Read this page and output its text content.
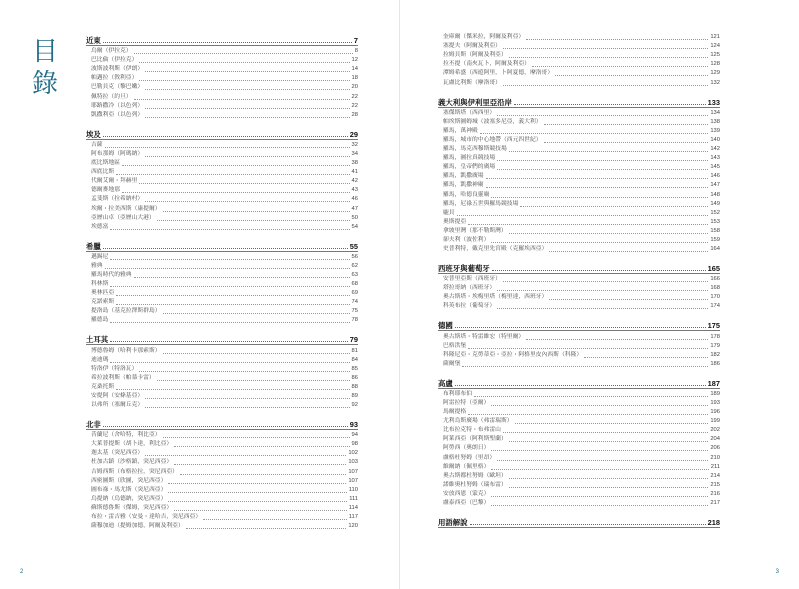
目
錄
近東	7
烏爾（伊拉克）	8
巴比倫（伊拉克）	12
波斯波利斯（伊朗）	14
帕邁拉（敘利亞）	18
巴勒貝克（黎巴嫩）	20
佩特拉（約旦）	22
耶路撒冷（以色列）	22
凱撒利亞（以色列）	28
埃及	29
吉薩	32
阿布那姆（阿瑪納）	34
底比斯地區	38
西底比斯	41
代爾艾爾・拜赫里	42
德爾麥地那	43
孟斐斯（拉希納村）	46
埃爾・拉美西斯（康提爾）	47
亞歷山卓（亞歷山大港）	50
埃德富	54
希臘	55
邁錫尼	56
雅典	62
羅馬時代的雅典	63
科林斯	68
奧林匹亞	69
克諾索斯	74
提洛島（基克拉澤斯群島）	75
羅德島	78
土耳其	79
博德魯姆（哈利卡那索斯）	81
迪迪瑪	84
特洛伊（特洛瓦）	85
希拉波利斯（帕慕卡雷）	86
克桑托斯	88
安提阿（安條基亞）	89
以弗所（塞爾丘克）	92
北非	93
昔蘭尼（舍哈特，利比亞）	94
大萊普提斯（胡卜達，利比亞）	98
迦太基（突尼西亞）	102
杜加古鎮（沙格鎮，突尼西亞）	103
吉姆西斯（布格拉拉，突尼西亞）	107
西密圖斯（欣圖，突尼西亞）	107
圖布祿・馬尤斯（突尼西亞）	110
烏提納（烏德納，突尼西亞）	111
蘇斯德魯斯（傑姆，突尼西亞）	114
布拉・雷吉雅（安曼・達哈吉，突尼西亞）	117
薩穆加迪（提姆加德，阿爾及利亞）	120
2
奎庫爾（傑米拉，阿爾及利亞）	121
塞提夫（阿爾及利亞）	124
拉姆貝斯（阿爾及利亞）	125
拉丕提（南夾瓦卜，阿爾及利亞）	128
潭姆希盛（西遊阿里，卜阿夏德，摩洛哥）	129
瓦盧比利斯（摩洛哥）	132
義大利與伊利里亞沿岸	133
塞傑斯塔（西西里）	134
帕埃斯圖姆城（波塞多尼亞，義大利）	138
羅馬，萬神殿	139
羅馬，城市的中心地帶（西元四世紀）	140
羅馬，馬克西穆斯競技場	142
羅馬，圖拉真競技場	143
羅馬，皇帝們的廣場	145
羅馬，凱撒廣場	146
羅馬，凱撒神廟	147
羅馬，哈德良靈廟	148
羅馬，尼祿五世與羅馬競技場	149
龐貝	152
奧斯提亞	153
拿坡里灣（那不勒斯灣）	158
卻夫利（波佐利）	159
史普利特，戴克里先宮殿（克羅埃西亞）	164
西班牙與葡萄牙	165
安普里亞斯（西班牙）	166
塔拉哥納（西班牙）	168
奧古斯塔・埃梅里塔（梅里達，西班牙）	170
科英布拉（葡萄牙）	174
德國	175
奧古斯塔・特雷維宏（特里爾）	178
巴格洪堡	179
科隆尼亞・克勞蒂亞・亞拉・阿格里皮內西斯（科隆）	182
薩爾堡	186
高盧	187
布利耶布伯	189
阿雷拉特（亞爾）	193
馬爾提格	196
尤利烏斯廣場（弗雷瑞斯）	199
比布拉克特・布弗雷山	202
阿萊西亞（阿利斯聖蘭）	204
阿勞西（奧朗日）	206
盧格杜努姆（里昂）	210
維爾納（佩里格）	211
奧古斯都杜努姆（歐坦）	214
諾維奧杜努姆（瑞布雷）	215
安放西恩（蒙克）	216
盧泰西亞（巴黎）	217
用語解說	218
3
